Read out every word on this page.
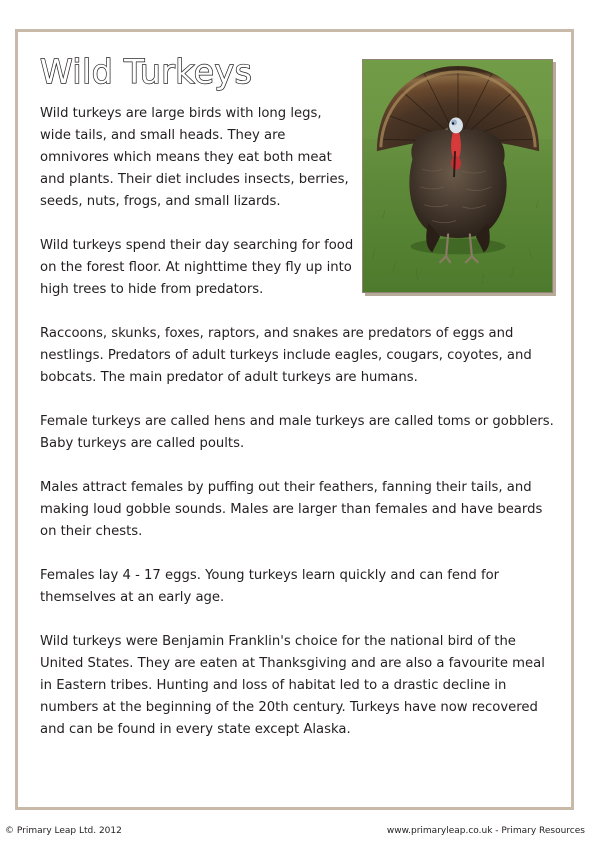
Wild Turkeys

Wild turkeys are large birds with long legs, wide tails, and small heads. They are omnivores which means they eat both meat and plants. Their diet includes insects, berries, seeds, nuts, frogs, and small lizards.

Wild turkeys spend their day searching for food on the forest floor. At nighttime they fly up into high trees to hide from predators.

Raccoons, skunks, foxes, raptors, and snakes are predators of eggs and nestlings. Predators of adult turkeys include eagles, cougars, coyotes, and bobcats. The main predator of adult turkeys are humans.

Female turkeys are called hens and male turkeys are called toms or gobblers. Baby turkeys are called poults.

Males attract females by puffing out their feathers, fanning their tails, and making loud gobble sounds. Males are larger than females and have beards on their chests.

Females lay 4 - 17 eggs. Young turkeys learn quickly and can fend for themselves at an early age.

Wild turkeys were Benjamin Franklin's choice for the national bird of the United States. They are eaten at Thanksgiving and are also a favourite meal in Eastern tribes. Hunting and loss of habitat led to a drastic decline in numbers at the beginning of the 20th century. Turkeys have now recovered and can be found in every state except Alaska.

© Primary Leap Ltd. 2012	www.primaryleap.co.uk - Primary Resources
